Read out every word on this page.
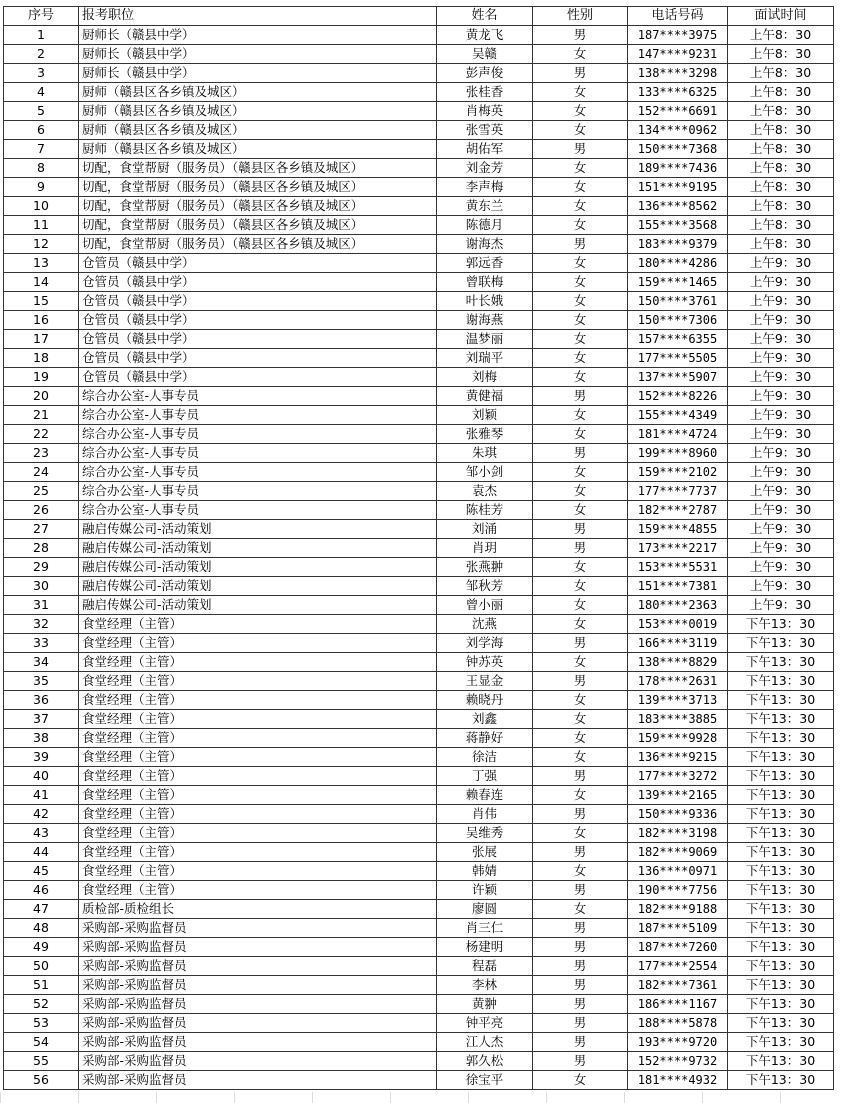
序号	报考职位	姓名	性别	电话号码	面试时间
1	厨师长（赣县中学）	黄龙飞	男	187****3975	上午8：30
2	厨师长（赣县中学）	吴赣	女	147****9231	上午8：30
3	厨师长（赣县中学）	彭声俊	男	138****3298	上午8：30
4	厨师（赣县区各乡镇及城区）	张桂香	女	133****6325	上午8：30
5	厨师（赣县区各乡镇及城区）	肖梅英	女	152****6691	上午8：30
6	厨师（赣县区各乡镇及城区）	张雪英	女	134****0962	上午8：30
7	厨师（赣县区各乡镇及城区）	胡佑军	男	150****7368	上午8：30
8	切配，食堂帮厨（服务员）（赣县区各乡镇及城区）	刘金芳	女	189****7436	上午8：30
9	切配，食堂帮厨（服务员）（赣县区各乡镇及城区）	李声梅	女	151****9195	上午8：30
10	切配，食堂帮厨（服务员）（赣县区各乡镇及城区）	黄东兰	女	136****8562	上午8：30
11	切配，食堂帮厨（服务员）（赣县区各乡镇及城区）	陈德月	女	155****3568	上午8：30
12	切配，食堂帮厨（服务员）（赣县区各乡镇及城区）	谢海杰	男	183****9379	上午8：30
13	仓管员（赣县中学）	郭远香	女	180****4286	上午9：30
14	仓管员（赣县中学）	曾联梅	女	159****1465	上午9：30
15	仓管员（赣县中学）	叶长娥	女	150****3761	上午9：30
16	仓管员（赣县中学）	谢海燕	女	150****7306	上午9：30
17	仓管员（赣县中学）	温梦丽	女	157****6355	上午9：30
18	仓管员（赣县中学）	刘瑞平	女	177****5505	上午9：30
19	仓管员（赣县中学）	刘梅	女	137****5907	上午9：30
20	综合办公室-人事专员	黄健福	男	152****8226	上午9：30
21	综合办公室-人事专员	刘颖	女	155****4349	上午9：30
22	综合办公室-人事专员	张雅琴	女	181****4724	上午9：30
23	综合办公室-人事专员	朱琪	男	199****8960	上午9：30
24	综合办公室-人事专员	邹小剑	女	159****2102	上午9：30
25	综合办公室-人事专员	袁杰	女	177****7737	上午9：30
26	综合办公室-人事专员	陈桂芳	女	182****2787	上午9：30
27	融启传媒公司-活动策划	刘涌	男	159****4855	上午9：30
28	融启传媒公司-活动策划	肖玥	男	173****2217	上午9：30
29	融启传媒公司-活动策划	张燕翀	女	153****5531	上午9：30
30	融启传媒公司-活动策划	邹秋芳	女	151****7381	上午9：30
31	融启传媒公司-活动策划	曾小丽	女	180****2363	上午9：30
32	食堂经理（主管）	沈燕	女	153****0019	下午13：30
33	食堂经理（主管）	刘学海	男	166****3119	下午13：30
34	食堂经理（主管）	钟苏英	女	138****8829	下午13：30
35	食堂经理（主管）	王显金	男	178****2631	下午13：30
36	食堂经理（主管）	赖晓丹	女	139****3713	下午13：30
37	食堂经理（主管）	刘鑫	女	183****3885	下午13：30
38	食堂经理（主管）	蒋静好	女	159****9928	下午13：30
39	食堂经理（主管）	徐洁	女	136****9215	下午13：30
40	食堂经理（主管）	丁强	男	177****3272	下午13：30
41	食堂经理（主管）	赖春连	女	139****2165	下午13：30
42	食堂经理（主管）	肖伟	男	150****9336	下午13：30
43	食堂经理（主管）	吴维秀	女	182****3198	下午13：30
44	食堂经理（主管）	张展	男	182****9069	下午13：30
45	食堂经理（主管）	韩婧	女	136****0971	下午13：30
46	食堂经理（主管）	许颖	男	190****7756	下午13：30
47	质检部-质检组长	廖圆	女	182****9188	下午13：30
48	采购部-采购监督员	肖三仁	男	187****5109	下午13：30
49	采购部-采购监督员	杨建明	男	187****7260	下午13：30
50	采购部-采购监督员	程磊	男	177****2554	下午13：30
51	采购部-采购监督员	李林	男	182****7361	下午13：30
52	采购部-采购监督员	黄翀	男	186****1167	下午13：30
53	采购部-采购监督员	钟平亮	男	188****5878	下午13：30
54	采购部-采购监督员	江人杰	男	193****9720	下午13：30
55	采购部-采购监督员	郭久松	男	152****9732	下午13：30
56	采购部-采购监督员	徐宝平	女	181****4932	下午13：30
